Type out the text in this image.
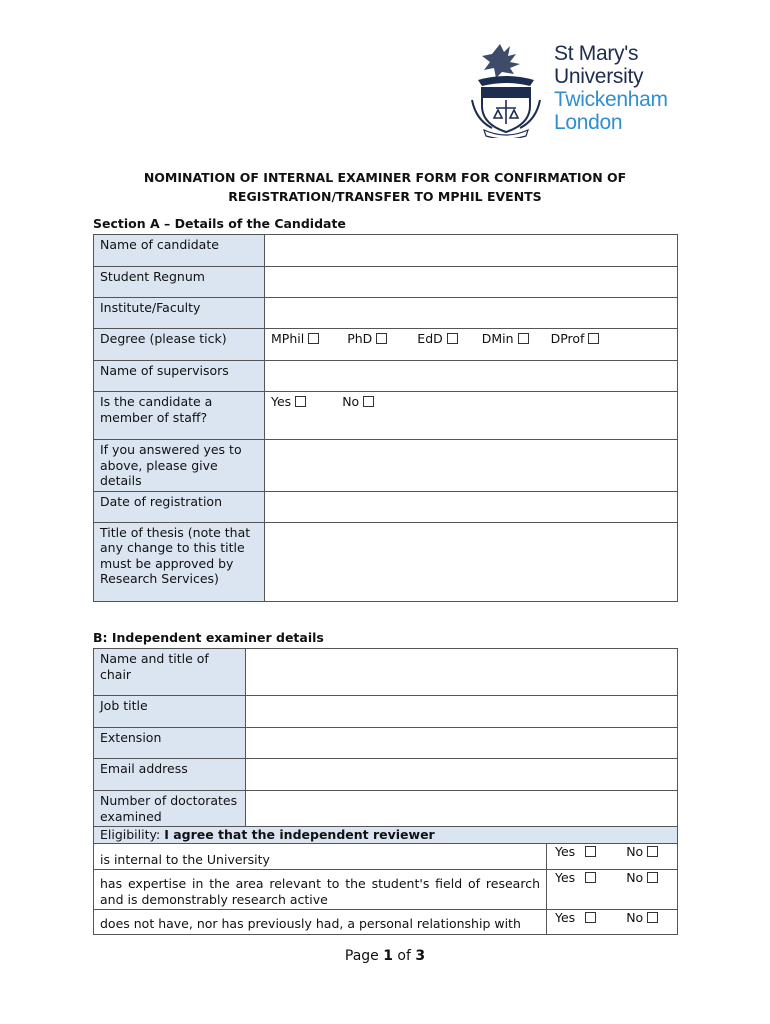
St Mary's
University
Twickenham
London
NOMINATION OF INTERNAL EXAMINER FORM FOR CONFIRMATION OF
REGISTRATION/TRANSFER TO MPHIL EVENTS
Section A – Details of the Candidate
Name of candidate	
Student Regnum	
Institute/Faculty	
Degree (please tick)	MPhil PhD EdD DMin DProf
Name of supervisors	
Is the candidate a member of staff?	Yes No
If you answered yes to above, please give details	
Date of registration	
Title of thesis (note that any change to this title must be approved by Research Services)	
B: Independent examiner details
Name and title of chair		
Job title		
Extension		
Email address		
Number of doctorates examined		
Eligibility: I agree that the independent reviewer		
is internal to the University		Yes No
has expertise in the area relevant to the student's field of research and is demonstrably research active		Yes No
does not have, nor has previously had, a personal relationship with		Yes No
Page 1 of 3
